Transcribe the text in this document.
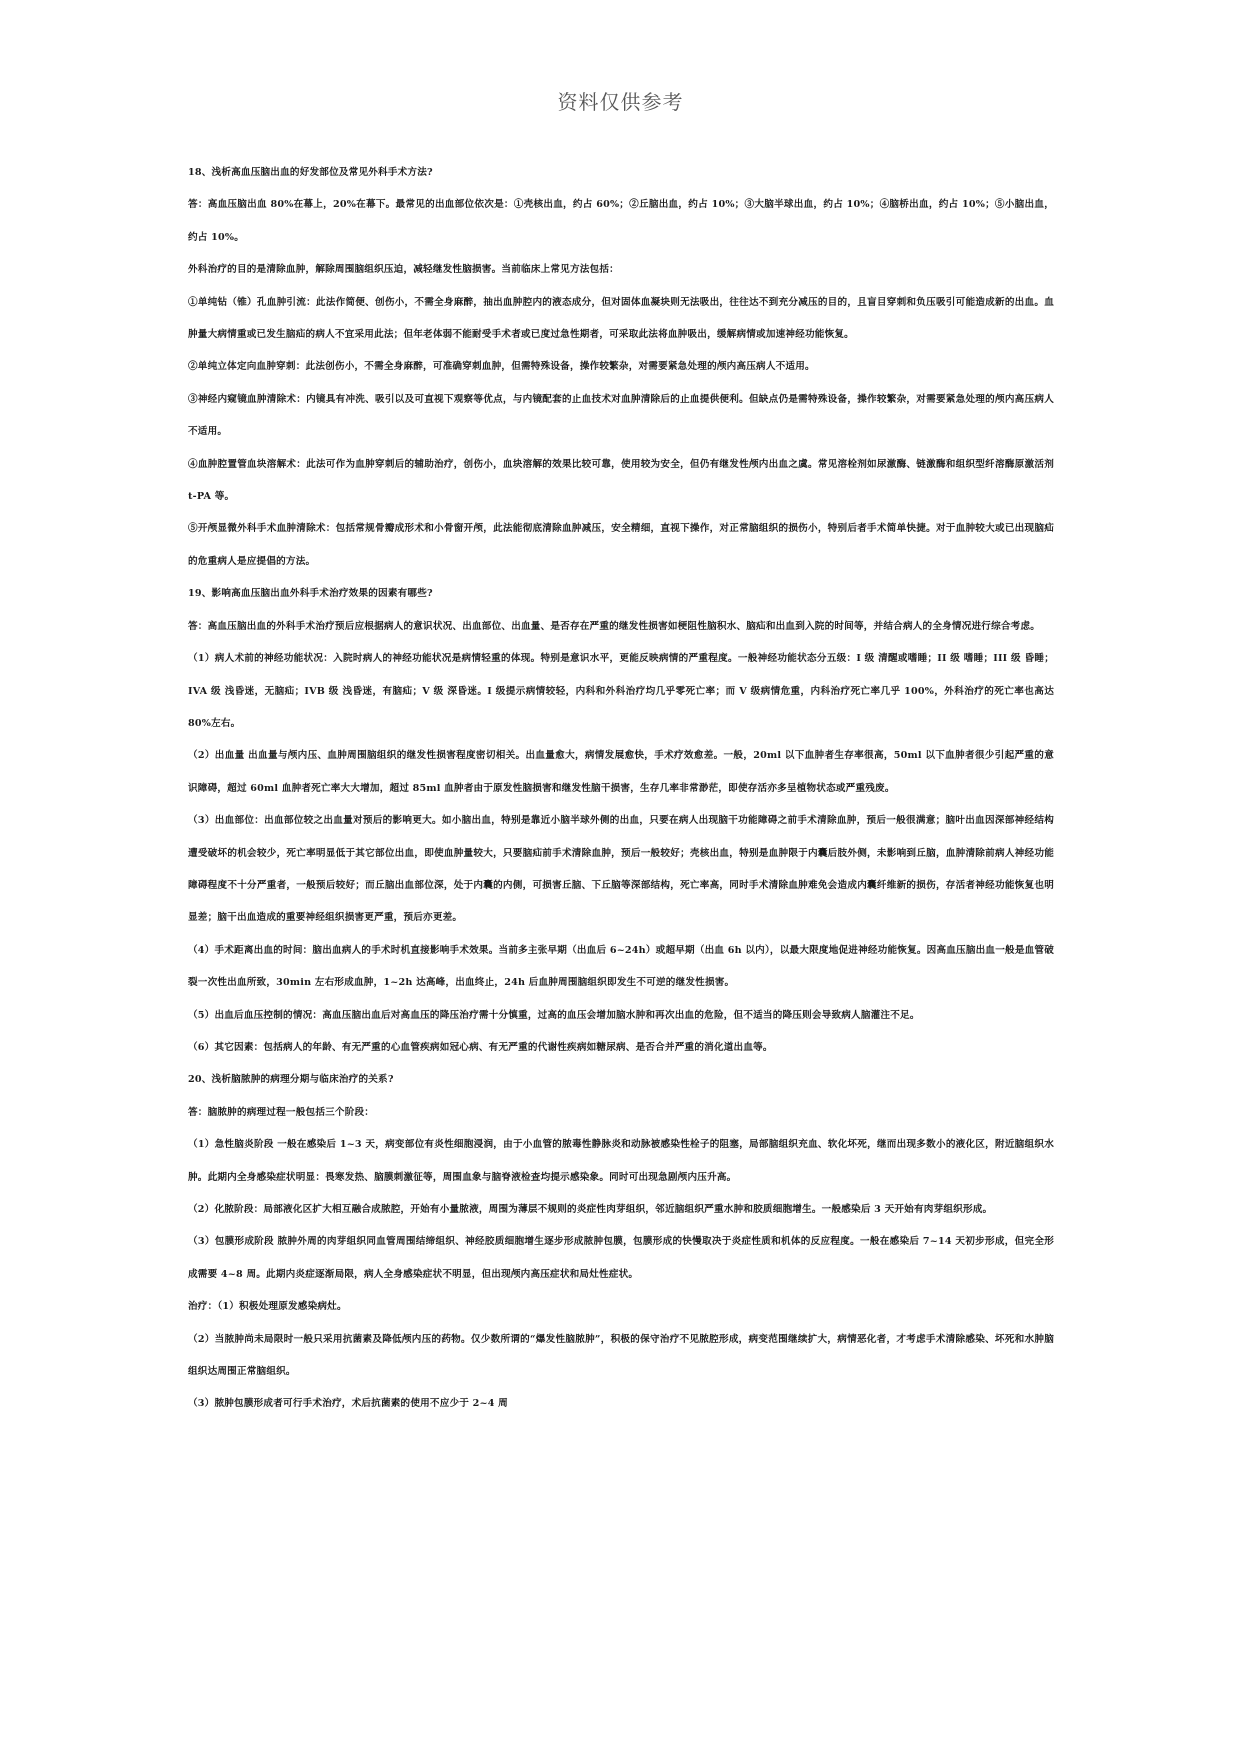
资料仅供参考

18、浅析高血压脑出血的好发部位及常见外科手术方法?

答：高血压脑出血 80%在幕上，20%在幕下。最常见的出血部位依次是：①壳核出血，约占 60%；②丘脑出血，约占 10%；③大脑半球出血，约占 10%；④脑桥出血，约占 10%；⑤小脑出血，约占 10%。

外科治疗的目的是清除血肿，解除周围脑组织压迫，减轻继发性脑损害。当前临床上常见方法包括：

①单纯钻（锥）孔血肿引流：此法作简便、创伤小，不需全身麻醉，抽出血肿腔内的液态成分，但对固体血凝块则无法吸出，往往达不到充分减压的目的，且盲目穿刺和负压吸引可能造成新的出血。血肿量大病情重或已发生脑疝的病人不宜采用此法；但年老体弱不能耐受手术者或已度过急性期者，可采取此法将血肿吸出，缓解病情或加速神经功能恢复。

②单纯立体定向血肿穿刺：此法创伤小，不需全身麻醉，可准确穿刺血肿，但需特殊设备，操作较繁杂，对需要紧急处理的颅内高压病人不适用。

③神经内窥镜血肿清除术：内镜具有冲洗、吸引以及可直视下观察等优点，与内镜配套的止血技术对血肿清除后的止血提供便利。但缺点仍是需特殊设备，操作较繁杂，对需要紧急处理的颅内高压病人不适用。

④血肿腔置管血块溶解术：此法可作为血肿穿刺后的辅助治疗，创伤小，血块溶解的效果比较可靠，使用较为安全，但仍有继发性颅内出血之虞。常见溶栓剂如尿激酶、链激酶和组织型纤溶酶原激活剂 t-PA 等。

⑤开颅显微外科手术血肿清除术：包括常规骨瓣成形术和小骨窗开颅，此法能彻底清除血肿减压，安全精细，直视下操作，对正常脑组织的损伤小，特别后者手术简单快捷。对于血肿较大或已出现脑疝的危重病人是应提倡的方法。

19、影响高血压脑出血外科手术治疗效果的因素有哪些?

答：高血压脑出血的外科手术治疗预后应根据病人的意识状况、出血部位、出血量、是否存在严重的继发性损害如梗阻性脑积水、脑疝和出血到入院的时间等，并结合病人的全身情况进行综合考虑。

（1）病人术前的神经功能状况：入院时病人的神经功能状况是病情轻重的体现。特别是意识水平，更能反映病情的严重程度。一般神经功能状态分五级：I 级 清醒或嗜睡；II 级 嗜睡；III 级 昏睡；IVA 级 浅昏迷，无脑疝；IVB 级 浅昏迷，有脑疝；V 级 深昏迷。I 级提示病情较轻，内科和外科治疗均几乎零死亡率；而 V 级病情危重，内科治疗死亡率几乎 100%，外科治疗的死亡率也高达 80%左右。

（2）出血量 出血量与颅内压、血肿周围脑组织的继发性损害程度密切相关。出血量愈大，病情发展愈快，手术疗效愈差。一般，20ml 以下血肿者生存率很高，50ml 以下血肿者很少引起严重的意识障碍，超过 60ml 血肿者死亡率大大增加，超过 85ml 血肿者由于原发性脑损害和继发性脑干损害，生存几率非常渺茫，即使存活亦多呈植物状态或严重残废。

（3）出血部位：出血部位较之出血量对预后的影响更大。如小脑出血，特别是靠近小脑半球外侧的出血，只要在病人出现脑干功能障碍之前手术清除血肿，预后一般很满意；脑叶出血因深部神经结构遭受破坏的机会较少，死亡率明显低于其它部位出血，即使血肿量较大，只要脑疝前手术清除血肿，预后一般较好；壳核出血，特别是血肿限于内囊后肢外侧，未影响到丘脑，血肿清除前病人神经功能障碍程度不十分严重者，一般预后较好；而丘脑出血部位深，处于内囊的内侧，可损害丘脑、下丘脑等深部结构，死亡率高，同时手术清除血肿难免会造成内囊纤维新的损伤，存活者神经功能恢复也明显差；脑干出血造成的重要神经组织损害更严重，预后亦更差。

（4）手术距离出血的时间：脑出血病人的手术时机直接影响手术效果。当前多主张早期（出血后 6~24h）或超早期（出血 6h 以内），以最大限度地促进神经功能恢复。因高血压脑出血一般是血管破裂一次性出血所致，30min 左右形成血肿，1~2h 达高峰，出血终止，24h 后血肿周围脑组织即发生不可逆的继发性损害。

（5）出血后血压控制的情况：高血压脑出血后对高血压的降压治疗需十分慎重，过高的血压会增加脑水肿和再次出血的危险，但不适当的降压则会导致病人脑灌注不足。

（6）其它因素：包括病人的年龄、有无严重的心血管疾病如冠心病、有无严重的代谢性疾病如糖尿病、是否合并严重的消化道出血等。

20、浅析脑脓肿的病理分期与临床治疗的关系?

答：脑脓肿的病理过程一般包括三个阶段：

（1）急性脑炎阶段 一般在感染后 1~3 天，病变部位有炎性细胞浸润，由于小血管的脓毒性静脉炎和动脉被感染性栓子的阻塞，局部脑组织充血、软化坏死，继而出现多数小的液化区，附近脑组织水肿。此期内全身感染症状明显：畏寒发热、脑膜刺激征等，周围血象与脑脊液检查均提示感染象。同时可出现急剧颅内压升高。

（2）化脓阶段：局部液化区扩大相互融合成脓腔，开始有小量脓液，周围为薄层不规则的炎症性肉芽组织，邻近脑组织严重水肿和胶质细胞增生。一般感染后 3 天开始有肉芽组织形成。

（3）包膜形成阶段 脓肿外周的肉芽组织同血管周围结缔组织、神经胶质细胞增生逐步形成脓肿包膜，包膜形成的快慢取决于炎症性质和机体的反应程度。一般在感染后 7~14 天初步形成，但完全形成需要 4~8 周。此期内炎症逐渐局限，病人全身感染症状不明显，但出现颅内高压症状和局灶性症状。

治疗：（1）积极处理原发感染病灶。

（2）当脓肿尚未局限时一般只采用抗菌素及降低颅内压的药物。仅少数所谓的“爆发性脑脓肿”，积极的保守治疗不见脓腔形成，病变范围继续扩大，病情恶化者，才考虑手术清除感染、坏死和水肿脑组织达周围正常脑组织。

（3）脓肿包膜形成者可行手术治疗，术后抗菌素的使用不应少于 2~4 周
